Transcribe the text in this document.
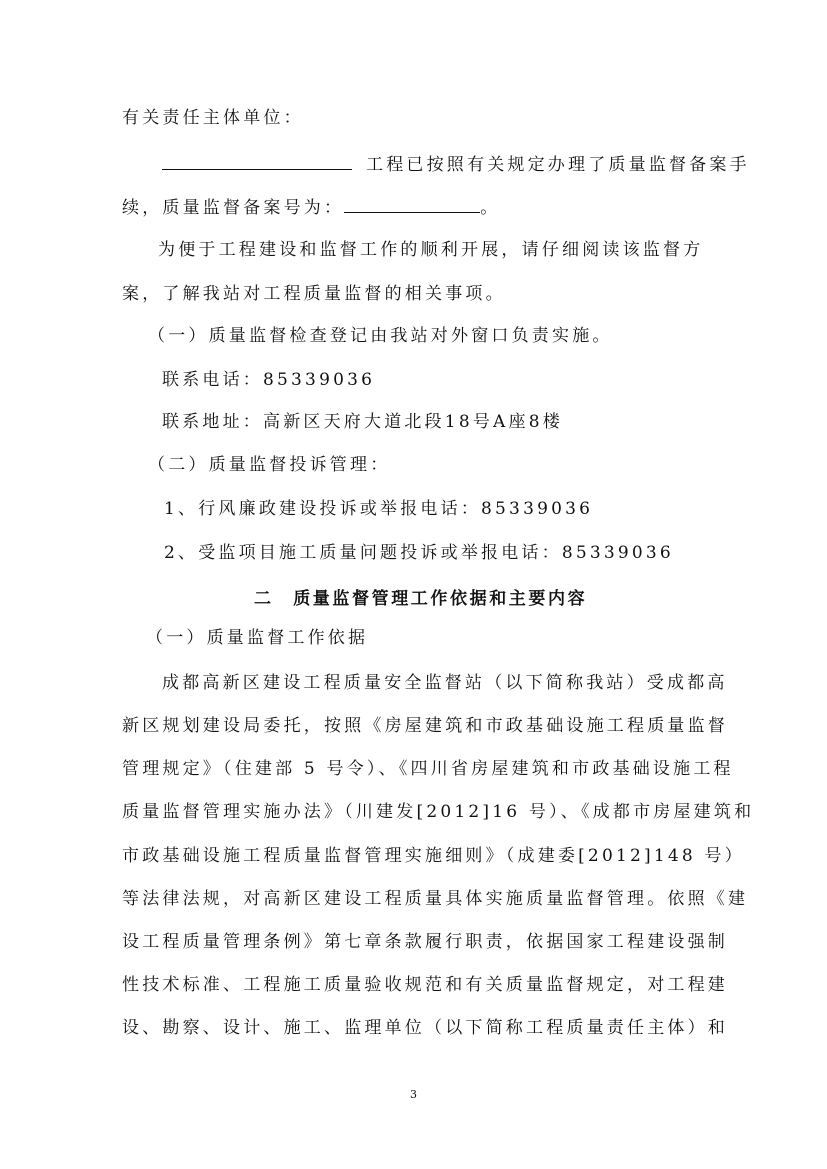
有关责任主体单位：
工程已按照有关规定办理了质量监督备案手
续，质量监督备案号为：	。
为便于工程建设和监督工作的顺利开展，请仔细阅读该监督方
案，了解我站对工程质量监督的相关事项。
（一）质量监督检查登记由我站对外窗口负责实施。
联系电话：85339036
联系地址：高新区天府大道北段18号A座8楼
（二）质量监督投诉管理：
1、行风廉政建设投诉或举报电话：85339036
2、受监项目施工质量问题投诉或举报电话：85339036
二　质量监督管理工作依据和主要内容
（一）质量监督工作依据
成都高新区建设工程质量安全监督站（以下简称我站）受成都高
新区规划建设局委托，按照《房屋建筑和市政基础设施工程质量监督
管理规定》（住建部 5 号令）、《四川省房屋建筑和市政基础设施工程
质量监督管理实施办法》（川建发[2012]16 号）、《成都市房屋建筑和
市政基础设施工程质量监督管理实施细则》（成建委[2012]148 号）
等法律法规，对高新区建设工程质量具体实施质量监督管理。依照《建
设工程质量管理条例》第七章条款履行职责，依据国家工程建设强制
性技术标准、工程施工质量验收规范和有关质量监督规定，对工程建
设、勘察、设计、施工、监理单位（以下简称工程质量责任主体）和
3
